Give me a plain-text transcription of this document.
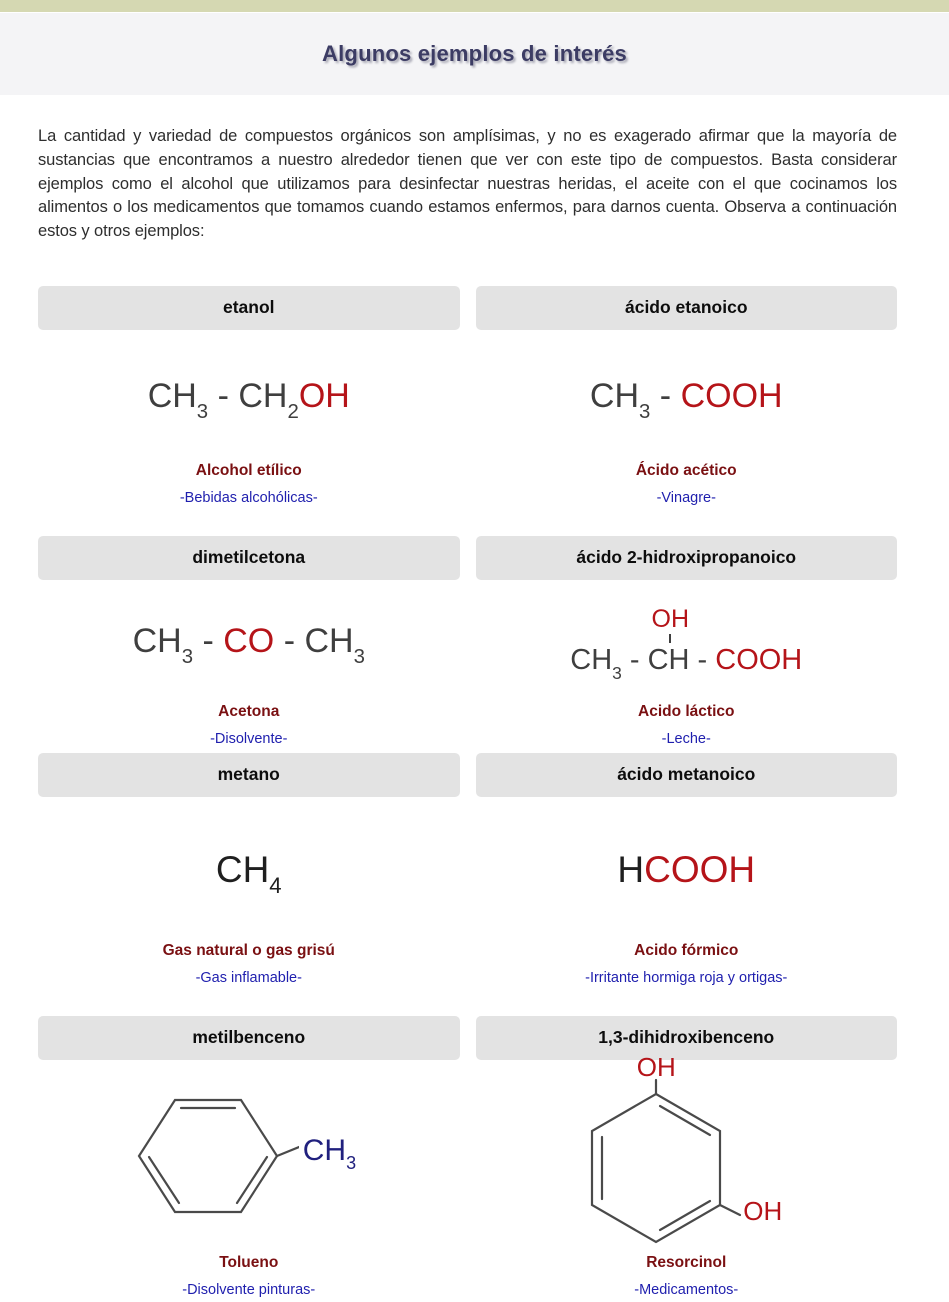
Algunos ejemplos de interés

La cantidad y variedad de compuestos orgánicos son amplísimas, y no es exagerado afirmar que la mayoría de sustancias que encontramos a nuestro alrededor tienen que ver con este tipo de compuestos. Basta considerar ejemplos como el alcohol que utilizamos para desinfectar nuestras heridas, el aceite con el que cocinamos los alimentos o los medicamentos que tomamos cuando estamos enfermos, para darnos cuenta. Observa a continuación estos y otros ejemplos:

etanol
$CH_3 - CH_2OH$
Alcohol etílico
-Bebidas alcohólicas-
ácido etanoico
$CH_3$ - COOH
Ácido acético
-Vinagre-
dimetilcetona
$CH_3$ - CO - $CH_3$
Acetona
-Disolvente-
ácido 2-hidroxipropanoico
OH
$CH_3$ - CH - COOH
Acido láctico
-Leche-
metano
$CH_4$
Gas natural o gas grisú
-Gas inflamable-
ácido metanoico
HCOOH
Acido fórmico
-Irritante hormiga roja y ortigas-
metilbenceno
$CH_3$
Tolueno
-Disolvente pinturas-
1,3-dihidroxibenceno
OH
OH
Resorcinol
-Medicamentos-
